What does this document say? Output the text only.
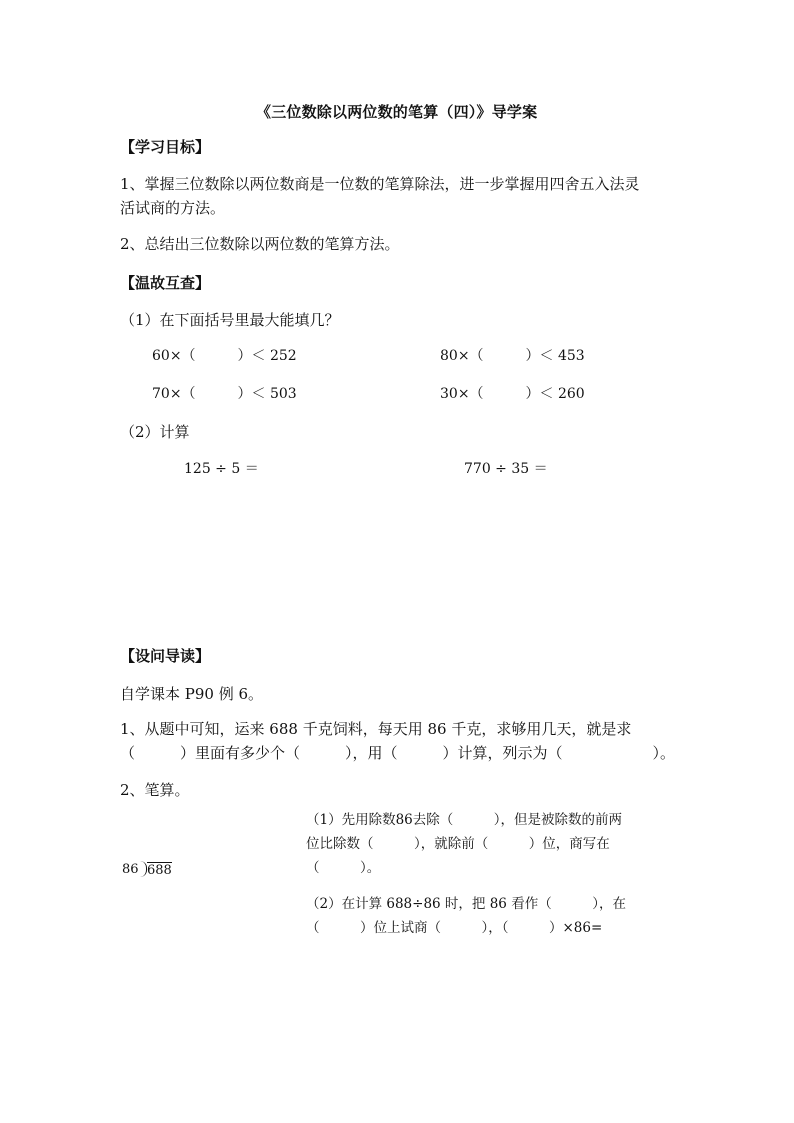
《三位数除以两位数的笔算（四）》导学案
【学习目标】
1、掌握三位数除以两位数商是一位数的笔算除法，进一步掌握用四舍五入法灵
活试商的方法。
2、总结出三位数除以两位数的笔算方法。
【温故互查】
（1）在下面括号里最大能填几？
60×（　　　）＜ 252	80×（　　　）＜ 453
70×（　　　）＜ 503	30×（　　　）＜ 260
（2）计算
125 ÷ 5 ＝	770 ÷ 35 ＝
【设问导读】
自学课本 P90 例 6。
1、从题中可知，运来 688 千克饲料，每天用 86 千克，求够用几天，就是求
（　　　）里面有多少个（　　　），用（　　　）计算，列示为（　　　　　　）。
2、笔算。
86 688
（1）先用除数86去除（　　　），但是被除数的前两
位比除数（　　　），就除前（　　　）位，商写在
（　　　）。
（2）在计算 688÷86 时，把 86 看作（　　　），在
（　　　）位上试商（　　　），（　　　）×86=
